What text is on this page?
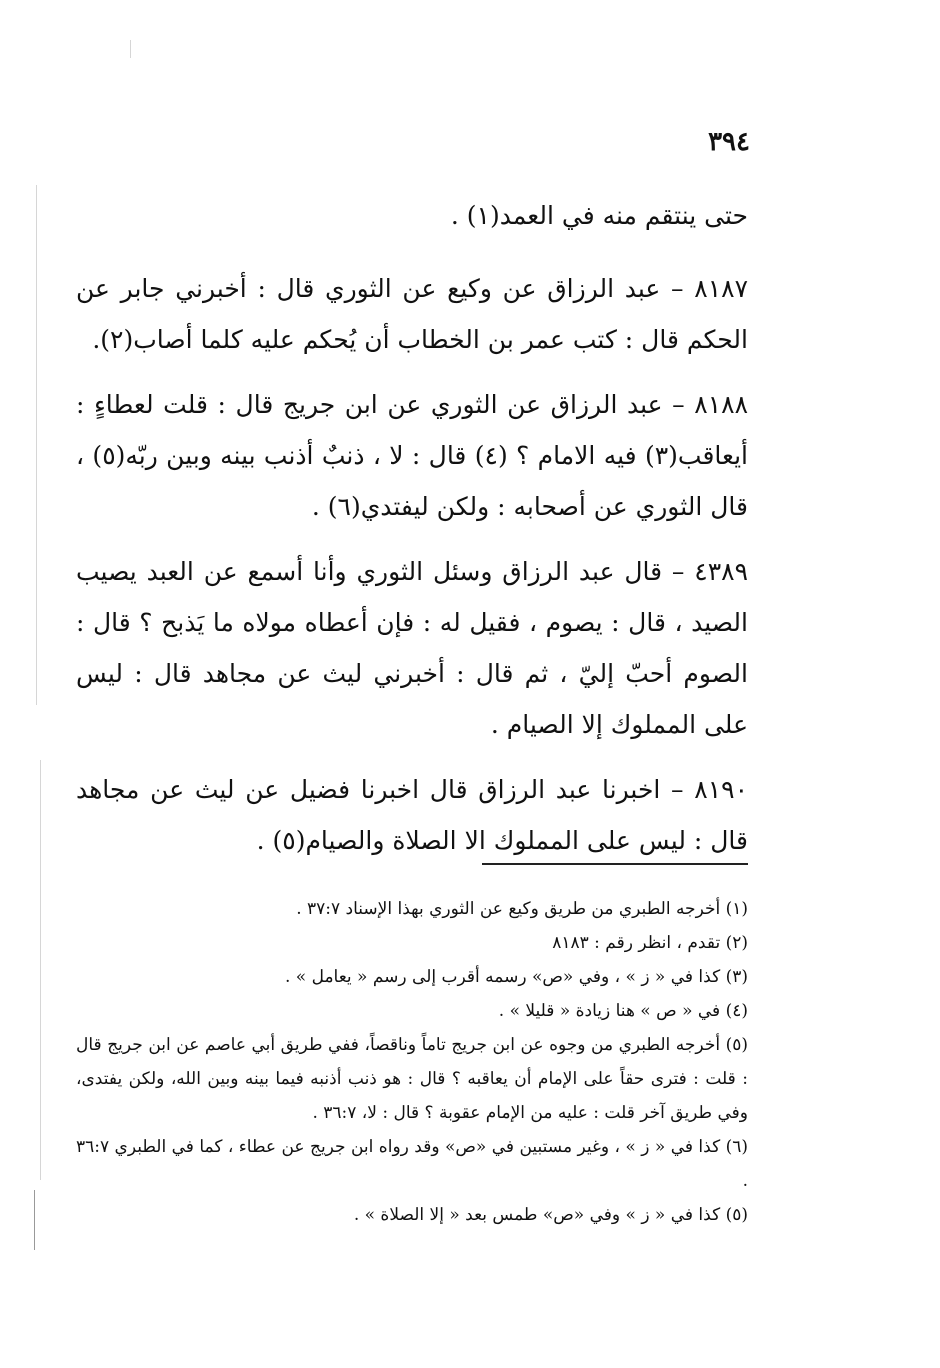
٣٩٤

حتى ينتقم منه في العمد(١) .

٨١٨٧ – عبد الرزاق عن وكيع عن الثوري قال : أخبرني جابر عن الحكم قال : كتب عمر بن الخطاب أن يُحكم عليه كلما أصاب(٢).

٨١٨٨ – عبد الرزاق عن الثوري عن ابن جريج قال : قلت لعطاءٍ : أيعاقب(٣) فيه الامام ؟ (٤) قال : لا ، ذنبٌ أذنب بينه وبين ربّه(٥) ، قال الثوري عن أصحابه : ولكن ليفتدي(٦) .

٤٣٨٩ – قال عبد الرزاق وسئل الثوري وأنا أسمع عن العبد يصيب الصيد ، قال : يصوم ، فقيل له : فإن أعطاه مولاه ما يَذبح ؟ قال : الصوم أحبّ إليّ ، ثم قال : أخبرني ليث عن مجاهد قال : ليس على المملوك إلا الصيام .

٨١٩٠ – اخبرنا عبد الرزاق قال اخبرنا فضيل عن ليث عن مجاهد قال : ليس على المملوك الا الصلاة والصيام(٥) .

(١) أخرجه الطبري من طريق وكيع عن الثوري بهذا الإسناد ٣٧:٧ .

(٢) تقدم ، انظر رقم : ٨١٨٣

(٣) كذا في « ز » ، وفي «ص» رسمه أقرب إلى رسم « يعامل » .

(٤) في « ص » هنا زيادة « قليلا » .

(٥) أخرجه الطبري من وجوه عن ابن جريج تاماً وناقصاً، ففي طريق أبي عاصم عن ابن جريج قال : قلت : فترى حقاً على الإمام أن يعاقبه ؟ قال : هو ذنب أذنبه فيما بينه وبين الله، ولكن يفتدى، وفي طريق آخر قلت : عليه من الإمام عقوبة ؟ قال : لا، ٣٦:٧ .

(٦) كذا في « ز » ، وغير مستبين في «ص» وقد رواه ابن جريج عن عطاء ، كما في الطبري ٣٦:٧ .

(٥) كذا في « ز » وفي «ص» طمس بعد « إلا الصلاة » .
